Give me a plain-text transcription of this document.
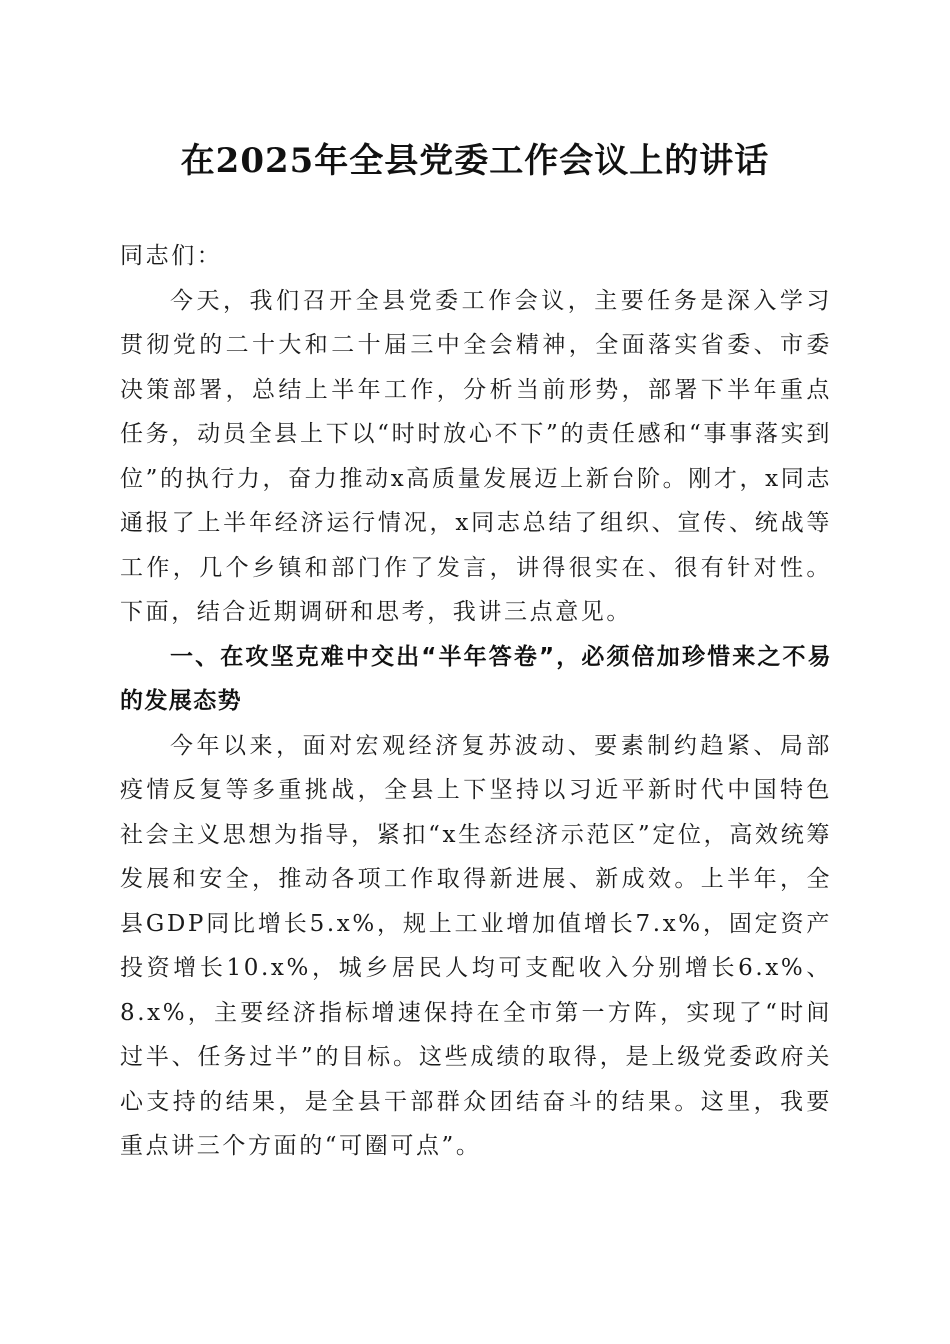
在2025年全县党委工作会议上的讲话

同志们：

今天，我们召开全县党委工作会议，主要任务是深入学习贯彻党的二十大和二十届三中全会精神，全面落实省委、市委决策部署，总结上半年工作，分析当前形势，部署下半年重点任务，动员全县上下以“时时放心不下”的责任感和“事事落实到位”的执行力，奋力推动x高质量发展迈上新台阶。刚才，x同志通报了上半年经济运行情况，x同志总结了组织、宣传、统战等工作，几个乡镇和部门作了发言，讲得很实在、很有针对性。下面，结合近期调研和思考，我讲三点意见。

一、在攻坚克难中交出“半年答卷”，必须倍加珍惜来之不易的发展态势

今年以来，面对宏观经济复苏波动、要素制约趋紧、局部疫情反复等多重挑战，全县上下坚持以习近平新时代中国特色社会主义思想为指导，紧扣“x生态经济示范区”定位，高效统筹发展和安全，推动各项工作取得新进展、新成效。上半年，全县GDP同比增长5.x%，规上工业增加值增长7.x%，固定资产投资增长10.x%，城乡居民人均可支配收入分别增长6.x%、8.x%，主要经济指标增速保持在全市第一方阵，实现了“时间过半、任务过半”的目标。这些成绩的取得，是上级党委政府关心支持的结果，是全县干部群众团结奋斗的结果。这里，我要重点讲三个方面的“可圈可点”。
